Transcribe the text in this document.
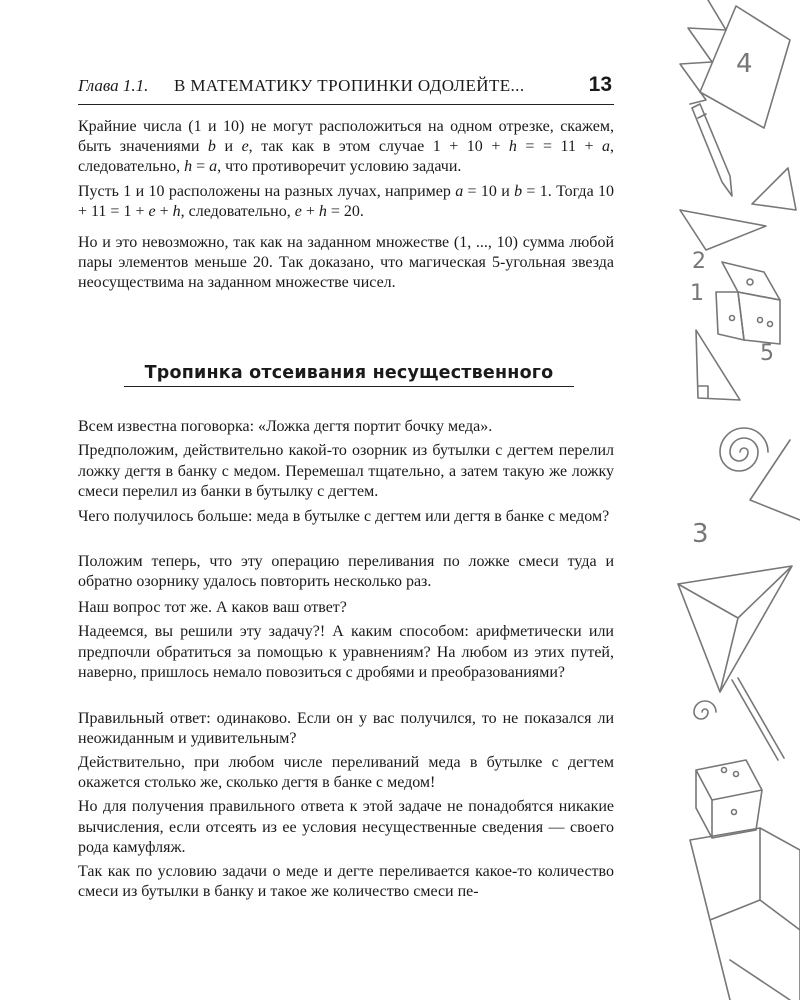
Глава 1.1. В МАТЕМАТИКУ ТРОПИНКИ ОДОЛЕЙТЕ...	13

Крайние числа (1 и 10) не могут расположиться на одном отрезке, скажем, быть значениями b и e, так как в этом случае 1 + 10 + h = = 11 + a, следовательно, h = a, что противоречит условию задачи.

Пусть 1 и 10 расположены на разных лучах, например a = 10 и b = 1. Тогда 10 + 11 = 1 + e + h, следовательно, e + h = 20.

Но и это невозможно, так как на заданном множестве (1, ..., 10) сумма любой пары элементов меньше 20. Так доказано, что магическая 5-угольная звезда неосуществима на заданном множестве чисел.

Тропинка отсеивания несущественного

Всем известна поговорка: «Ложка дегтя портит бочку меда».

Предположим, действительно какой-то озорник из бутылки с дегтем перелил ложку дегтя в банку с медом. Перемешал тщательно, а затем такую же ложку смеси перелил из банки в бутылку с дегтем.

Чего получилось больше: меда в бутылке с дегтем или дегтя в банке с медом?

Положим теперь, что эту операцию переливания по ложке смеси туда и обратно озорнику удалось повторить несколько раз.

Наш вопрос тот же. А каков ваш ответ?

Надеемся, вы решили эту задачу?! А каким способом: арифметически или предпочли обратиться за помощью к уравнениям? На любом из этих путей, наверно, пришлось немало повозиться с дробями и преобразованиями?

Правильный ответ: одинаково. Если он у вас получился, то не показался ли неожиданным и удивительным?

Действительно, при любом числе переливаний меда в бутылке с дегтем окажется столько же, сколько дегтя в банке с медом!

Но для получения правильного ответа к этой задаче не понадобятся никакие вычисления, если отсеять из ее условия несущественные сведения — своего рода камуфляж.

Так как по условию задачи о меде и дегте переливается какое-то количество смеси из бутылки в банку и такое же количество смеси пе-

4
2
1
5
3
